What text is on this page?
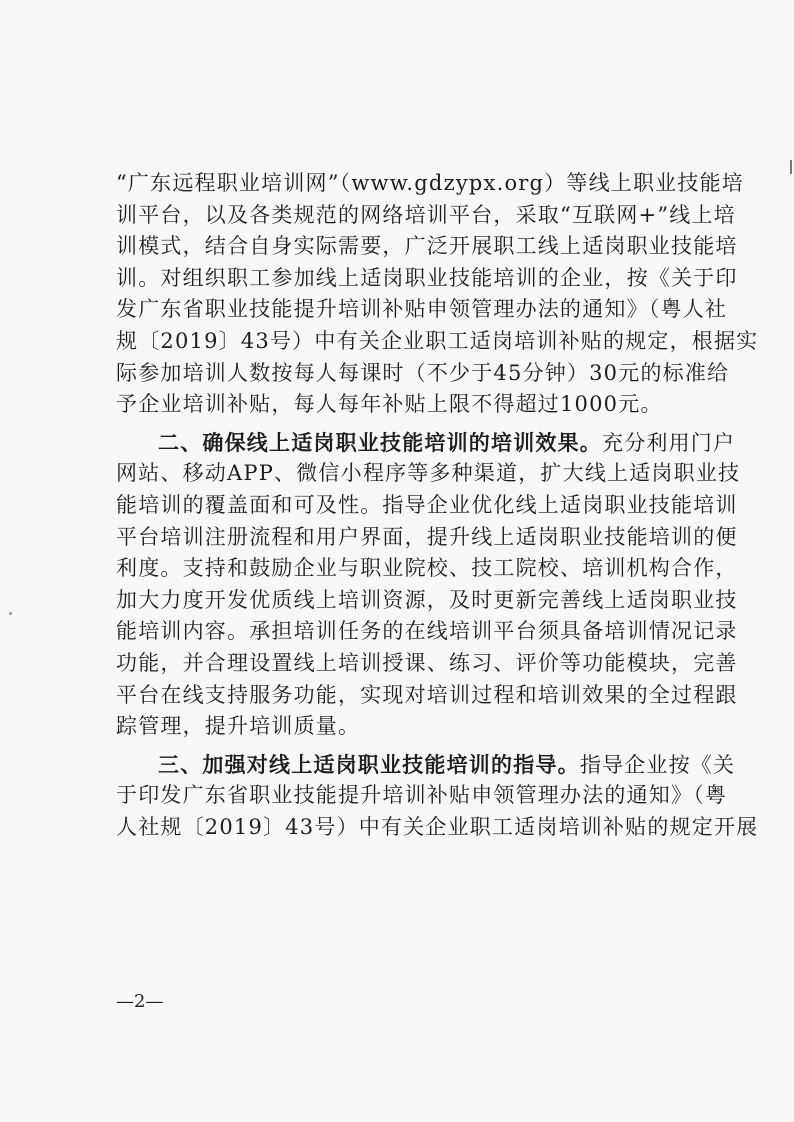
“广东远程职业培训网”（www.gdzypx.org）等线上职业技能培
训平台，以及各类规范的网络培训平台，采取“互联网+”线上培
训模式，结合自身实际需要，广泛开展职工线上适岗职业技能培
训。对组织职工参加线上适岗职业技能培训的企业，按《关于印
发广东省职业技能提升培训补贴申领管理办法的通知》（粤人社
规〔2019〕43号）中有关企业职工适岗培训补贴的规定，根据实
际参加培训人数按每人每课时（不少于45分钟）30元的标准给
予企业培训补贴，每人每年补贴上限不得超过1000元。
二、确保线上适岗职业技能培训的培训效果。充分利用门户
网站、移动APP、微信小程序等多种渠道，扩大线上适岗职业技
能培训的覆盖面和可及性。指导企业优化线上适岗职业技能培训
平台培训注册流程和用户界面，提升线上适岗职业技能培训的便
利度。支持和鼓励企业与职业院校、技工院校、培训机构合作，
加大力度开发优质线上培训资源，及时更新完善线上适岗职业技
能培训内容。承担培训任务的在线培训平台须具备培训情况记录
功能，并合理设置线上培训授课、练习、评价等功能模块，完善
平台在线支持服务功能，实现对培训过程和培训效果的全过程跟
踪管理，提升培训质量。
三、加强对线上适岗职业技能培训的指导。指导企业按《关
于印发广东省职业技能提升培训补贴申领管理办法的通知》（粤
人社规〔2019〕43号）中有关企业职工适岗培训补贴的规定开展
—2—
